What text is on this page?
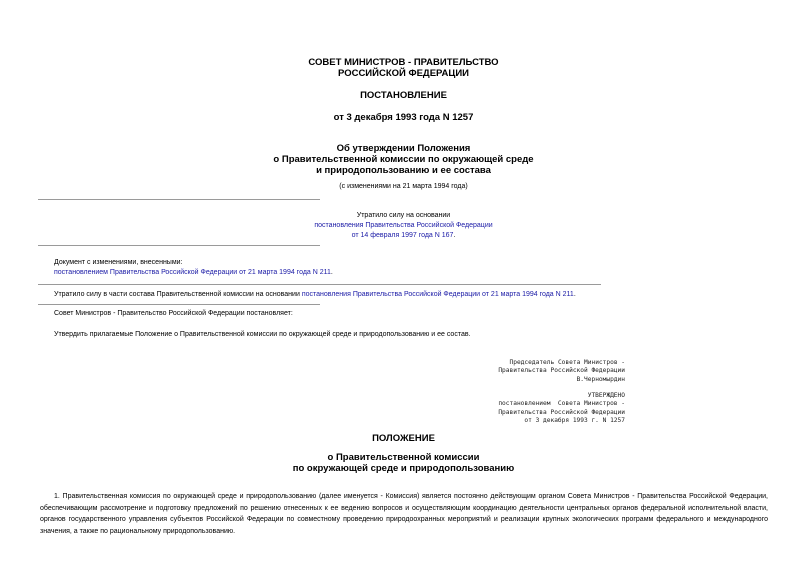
СОВЕТ МИНИСТРОВ - ПРАВИТЕЛЬСТВО
РОССИЙСКОЙ ФЕДЕРАЦИИ
ПОСТАНОВЛЕНИЕ
от 3 декабря 1993 года N 1257
Об утверждении Положения
о Правительственной комиссии по окружающей среде
и природопользованию и ее состава
(с изменениями на 21 марта 1994 года)
Утратило силу на основании
постановления Правительства Российской Федерации
от 14 февраля 1997 года N 167.
Документ с изменениями, внесенными:
постановлением Правительства Российской Федерации от 21 марта 1994 года N 211.
Утратило силу в части состава Правительственной комиссии на основании постановления Правительства Российской Федерации от 21 марта 1994 года N 211.
Совет Министров - Правительство Российской Федерации постановляет:
Утвердить прилагаемые Положение о Правительственной комиссии по окружающей среде и природопользованию и ее состав.
Председатель Совета Министров -
Правительства Российской Федерации
В.Черномырдин
УТВЕРЖДЕНО
постановлением  Совета Министров -
Правительства Российской Федерации
от 3 декабря 1993 г. N 1257
ПОЛОЖЕНИЕ
о Правительственной комиссии
по окружающей среде и природопользованию
1. Правительственная комиссия по окружающей среде и природопользованию (далее именуется - Комиссия) является постоянно действующим органом Совета Министров - Правительства Российской Федерации, обеспечивающим рассмотрение и подготовку предложений по решению отнесенных к ее ведению вопросов и осуществляющим координацию деятельности центральных органов федеральной исполнительной власти, органов государственного управления субъектов Российской Федерации по совместному проведению природоохранных мероприятий и реализации крупных экологических программ федерального и международного значения, а также по рациональному природопользованию.
